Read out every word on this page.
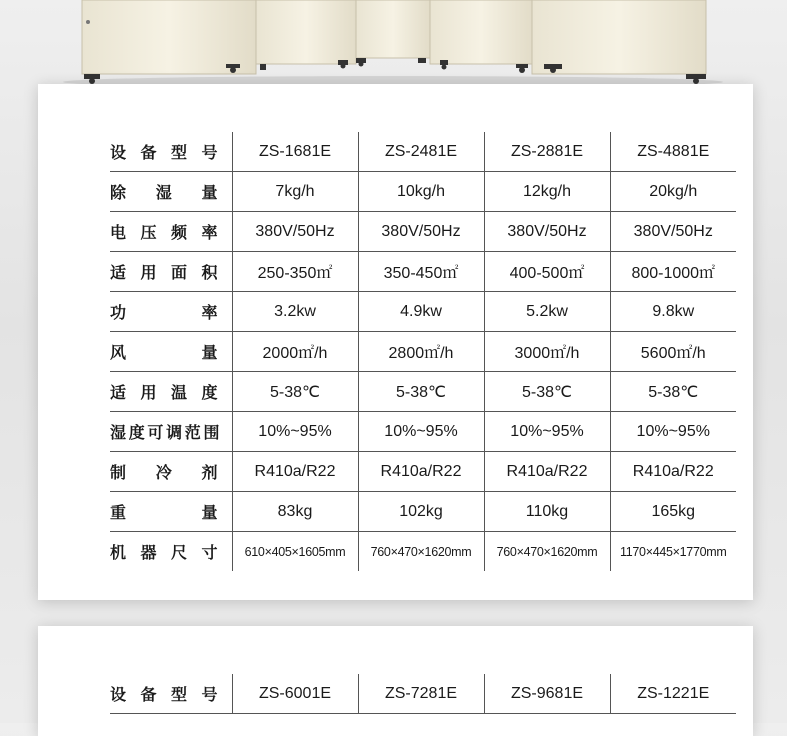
设备型号	ZS-1681E	ZS-2481E	ZS-2881E	ZS-4881E
除湿量	7kg/h	10kg/h	12kg/h	20kg/h
电压频率	380V/50Hz	380V/50Hz	380V/50Hz	380V/50Hz
适用面积	250-350㎡	350-450㎡	400-500㎡	800-1000㎡
功率	3.2kw	4.9kw	5.2kw	9.8kw
风量	2000㎡/h	2800㎡/h	3000㎡/h	5600㎡/h
适用温度	5-38℃	5-38℃	5-38℃	5-38℃
湿度可调范围	10%~95%	10%~95%	10%~95%	10%~95%
制冷剂	R410a/R22	R410a/R22	R410a/R22	R410a/R22
重量	83kg	102kg	110kg	165kg
机器尺寸	610×405×1605mm	760×470×1620mm	760×470×1620mm	1170×445×1770mm
设备型号	ZS-6001E	ZS-7281E	ZS-9681E	ZS-1221E
